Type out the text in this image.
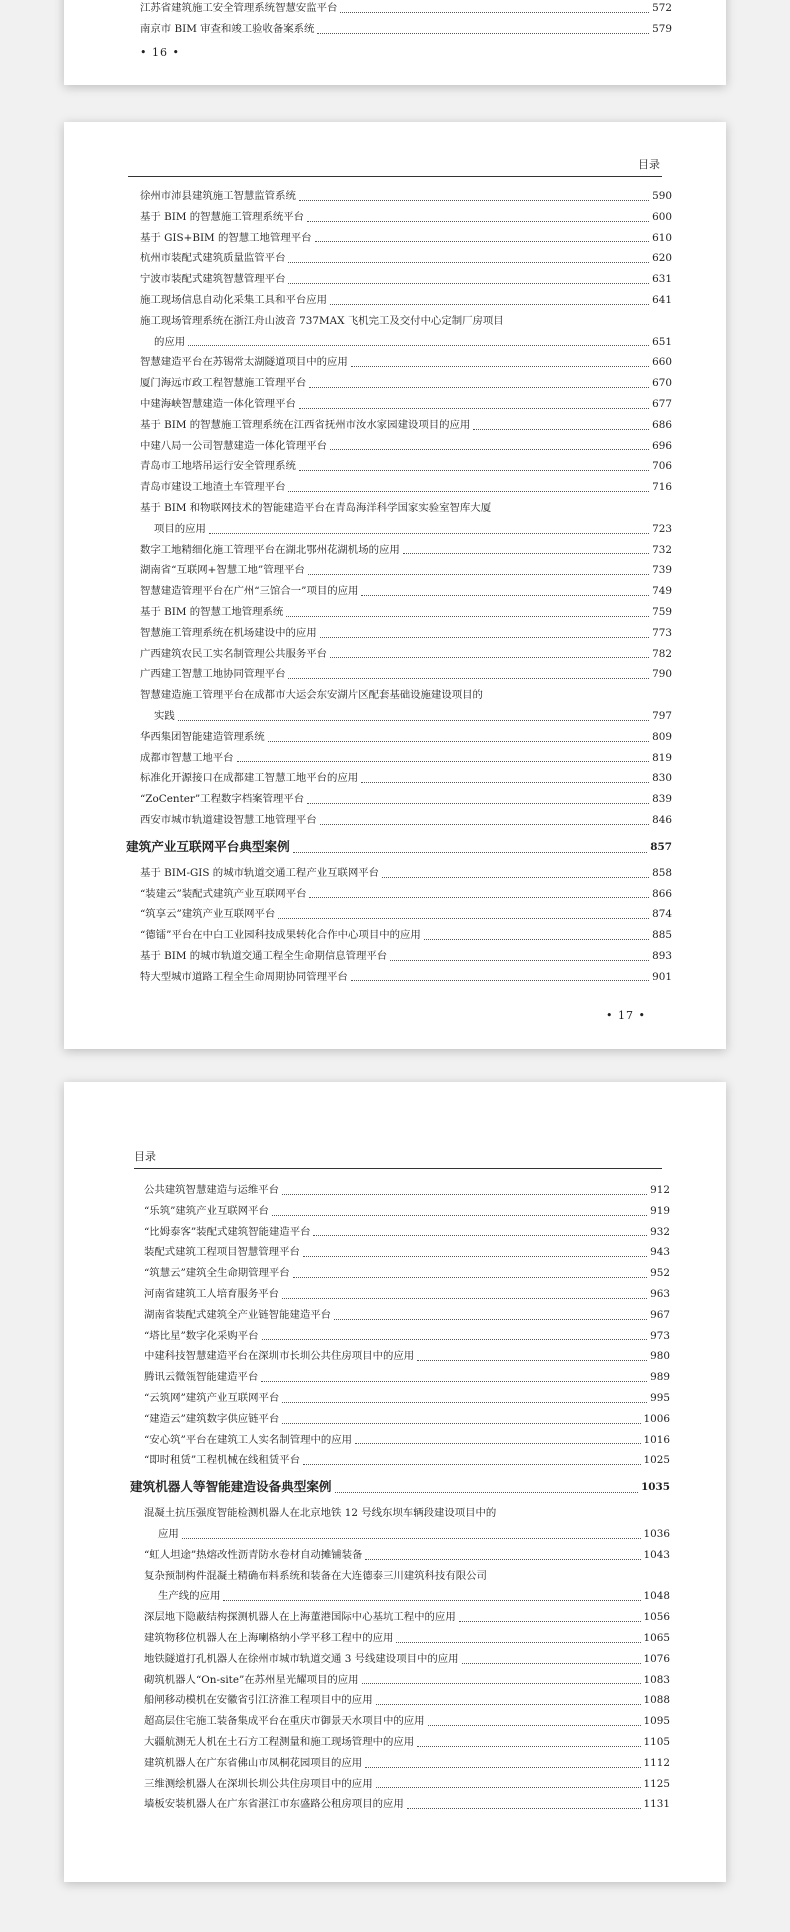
江苏省建筑施工安全管理系统智慧安监平台	572
南京市 BIM 审查和竣工验收备案系统	579
• 16 •
目录
徐州市沛县建筑施工智慧监管系统	590
基于 BIM 的智慧施工管理系统平台	600
基于 GIS+BIM 的智慧工地管理平台	610
杭州市装配式建筑质量监管平台	620
宁波市装配式建筑智慧管理平台	631
施工现场信息自动化采集工具和平台应用	641
施工现场管理系统在浙江舟山波音 737MAX 飞机完工及交付中心定制厂房项目
的应用	651
智慧建造平台在苏锡常太湖隧道项目中的应用	660
厦门海远市政工程智慧施工管理平台	670
中建海峡智慧建造一体化管理平台	677
基于 BIM 的智慧施工管理系统在江西省抚州市汝水家园建设项目的应用	686
中建八局一公司智慧建造一体化管理平台	696
青岛市工地塔吊运行安全管理系统	706
青岛市建设工地渣土车管理平台	716
基于 BIM 和物联网技术的智能建造平台在青岛海洋科学国家实验室智库大厦
项目的应用	723
数字工地精细化施工管理平台在湖北鄂州花湖机场的应用	732
湖南省“互联网+智慧工地”管理平台	739
智慧建造管理平台在广州“三馆合一”项目的应用	749
基于 BIM 的智慧工地管理系统	759
智慧施工管理系统在机场建设中的应用	773
广西建筑农民工实名制管理公共服务平台	782
广西建工智慧工地协同管理平台	790
智慧建造施工管理平台在成都市大运会东安湖片区配套基础设施建设项目的
实践	797
华西集团智能建造管理系统	809
成都市智慧工地平台	819
标准化开源接口在成都建工智慧工地平台的应用	830
“ZoCenter”工程数字档案管理平台	839
西安市城市轨道建设智慧工地管理平台	846
建筑产业互联网平台典型案例	857
基于 BIM-GIS 的城市轨道交通工程产业互联网平台	858
“装建云”装配式建筑产业互联网平台	866
“筑享云”建筑产业互联网平台	874
“德镭”平台在中白工业园科技成果转化合作中心项目中的应用	885
基于 BIM 的城市轨道交通工程全生命期信息管理平台	893
特大型城市道路工程全生命周期协同管理平台	901
• 17 •
目录
公共建筑智慧建造与运维平台	912
“乐筑”建筑产业互联网平台	919
“比姆泰客”装配式建筑智能建造平台	932
装配式建筑工程项目智慧管理平台	943
“筑慧云”建筑全生命期管理平台	952
河南省建筑工人培育服务平台	963
湖南省装配式建筑全产业链智能建造平台	967
“塔比星”数字化采购平台	973
中建科技智慧建造平台在深圳市长圳公共住房项目中的应用	980
腾讯云微瓴智能建造平台	989
“云筑网”建筑产业互联网平台	995
“建造云”建筑数字供应链平台	1006
“安心筑”平台在建筑工人实名制管理中的应用	1016
“即时租赁”工程机械在线租赁平台	1025
建筑机器人等智能建造设备典型案例	1035
混凝土抗压强度智能检测机器人在北京地铁 12 号线东坝车辆段建设项目中的
应用	1036
“虹人坦途”热熔改性沥青防水卷材自动摊铺装备	1043
复杂预制构件混凝土精确布料系统和装备在大连德泰三川建筑科技有限公司
生产线的应用	1048
深层地下隐蔽结构探测机器人在上海董港国际中心基坑工程中的应用	1056
建筑物移位机器人在上海喇格纳小学平移工程中的应用	1065
地铁隧道打孔机器人在徐州市城市轨道交通 3 号线建设项目中的应用	1076
砌筑机器人“On-site”在苏州星光耀项目的应用	1083
船闸移动模机在安徽省引江济淮工程项目中的应用	1088
超高层住宅施工装备集成平台在重庆市御景天水项目中的应用	1095
大疆航测无人机在土石方工程测量和施工现场管理中的应用	1105
建筑机器人在广东省佛山市凤桐花园项目的应用	1112
三维测绘机器人在深圳长圳公共住房项目中的应用	1125
墙板安装机器人在广东省湛江市东盛路公租房项目的应用	1131
